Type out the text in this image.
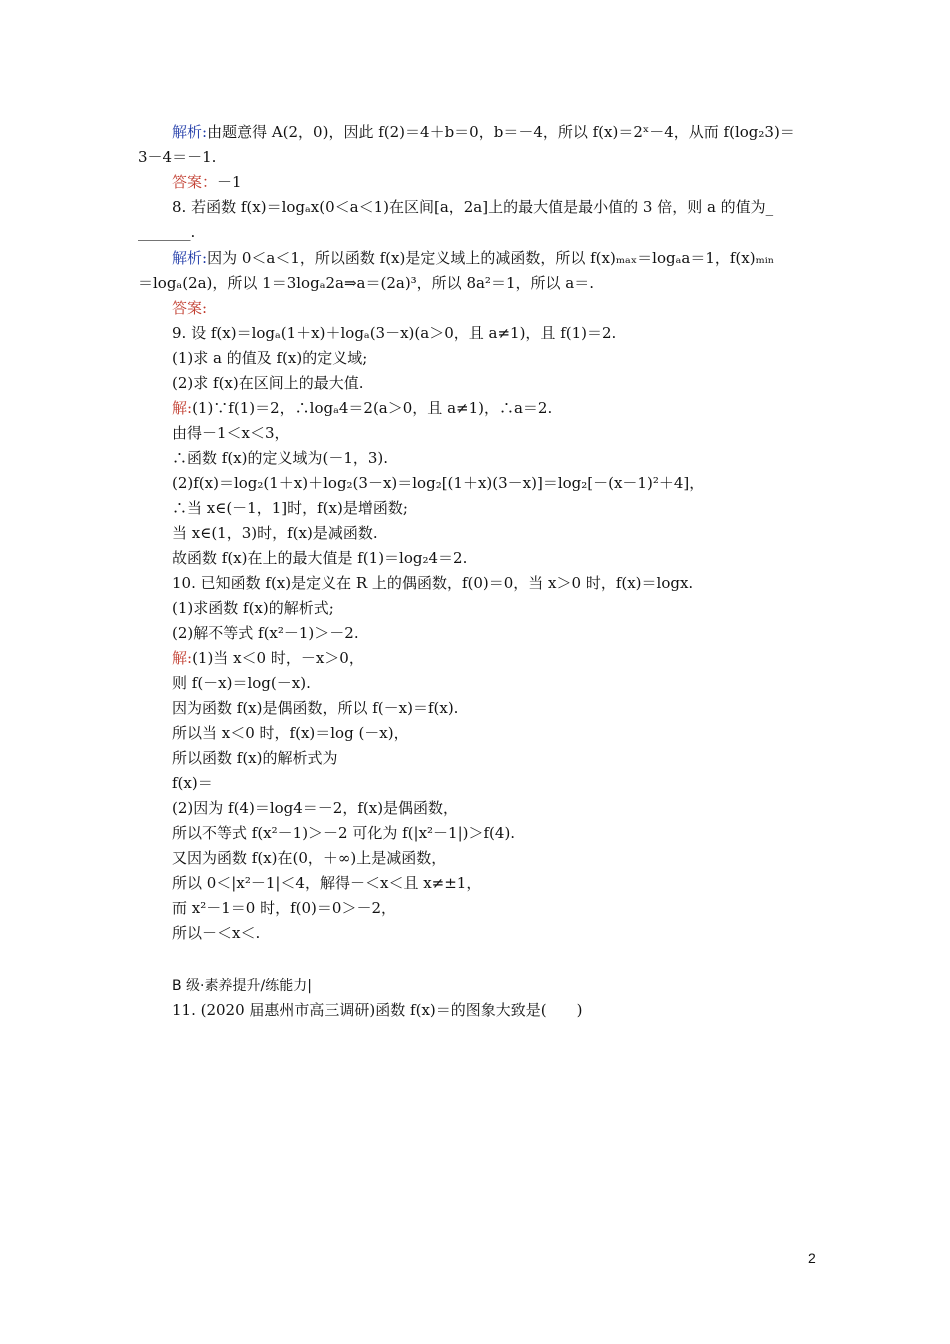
解析:由题意得 A(2，0)，因此 f(2)＝4＋b＝0，b＝－4，所以 f(x)＝2ˣ－4，从而 f(log₂3)＝
3－4＝－1.
答案：－1
8. 若函数 f(x)＝logₐx(0＜a＜1)在区间[a，2a]上的最大值是最小值的 3 倍，则 a 的值为_
_______.
解析:因为 0＜a＜1，所以函数 f(x)是定义域上的减函数，所以 f(x)ₘₐₓ＝logₐa＝1，f(x)ₘᵢₙ
＝logₐ(2a)，所以 1＝3logₐ2a⇒a＝(2a)³，所以 8a²＝1，所以 a＝.
答案:
9. 设 f(x)＝logₐ(1＋x)＋logₐ(3－x)(a＞0，且 a≠1)，且 f(1)＝2.
(1)求 a 的值及 f(x)的定义域;
(2)求 f(x)在区间上的最大值.
解:(1)∵f(1)＝2，∴logₐ4＝2(a＞0，且 a≠1)，∴a＝2.
由得－1＜x＜3，
∴函数 f(x)的定义域为(－1，3).
(2)f(x)＝log₂(1＋x)＋log₂(3－x)＝log₂[(1＋x)(3－x)]＝log₂[－(x－1)²＋4]，
∴当 x∈(－1，1]时，f(x)是增函数;
当 x∈(1，3)时，f(x)是减函数.
故函数 f(x)在上的最大值是 f(1)＝log₂4＝2.
10. 已知函数 f(x)是定义在 R 上的偶函数，f(0)＝0，当 x＞0 时，f(x)＝logx.
(1)求函数 f(x)的解析式;
(2)解不等式 f(x²－1)＞－2.
解:(1)当 x＜0 时，－x＞0，
则 f(－x)＝log(－x).
因为函数 f(x)是偶函数，所以 f(－x)＝f(x).
所以当 x＜0 时，f(x)＝log (－x)，
所以函数 f(x)的解析式为
f(x)＝
(2)因为 f(4)＝log4＝－2，f(x)是偶函数，
所以不等式 f(x²－1)＞－2 可化为 f(|x²－1|)＞f(4).
又因为函数 f(x)在(0，＋∞)上是减函数，
所以 0＜|x²－1|＜4，解得－＜x＜且 x≠±1，
而 x²－1＝0 时，f(0)＝0＞－2，
所以－＜x＜.
B 级·素养提升/练能力|
11. (2020 届惠州市高三调研)函数 f(x)＝的图象大致是(　　)
2
